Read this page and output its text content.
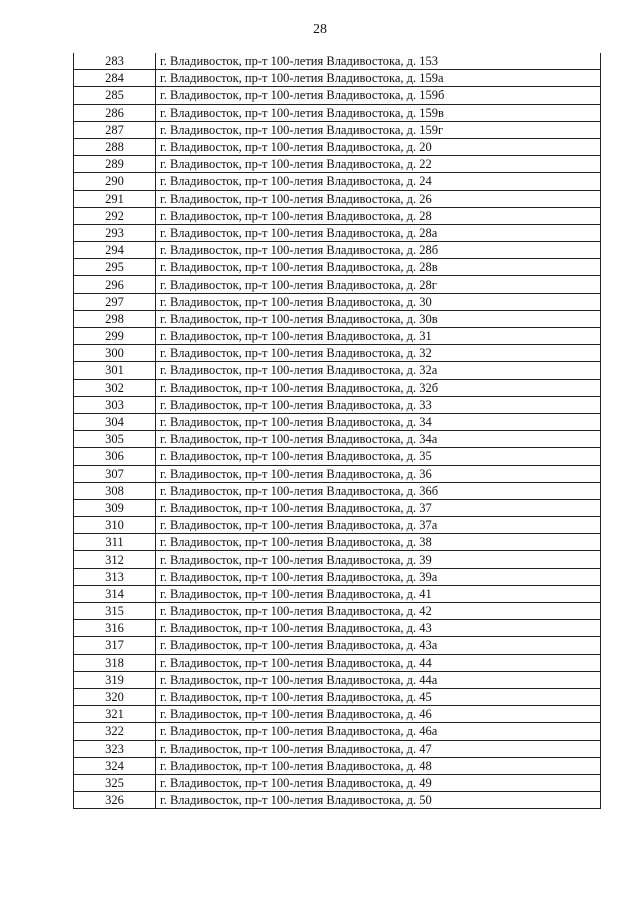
28
283	г. Владивосток, пр-т 100-летия Владивостока, д. 153
284	г. Владивосток, пр-т 100-летия Владивостока, д. 159а
285	г. Владивосток, пр-т 100-летия Владивостока, д. 159б
286	г. Владивосток, пр-т 100-летия Владивостока, д. 159в
287	г. Владивосток, пр-т 100-летия Владивостока, д. 159г
288	г. Владивосток, пр-т 100-летия Владивостока, д. 20
289	г. Владивосток, пр-т 100-летия Владивостока, д. 22
290	г. Владивосток, пр-т 100-летия Владивостока, д. 24
291	г. Владивосток, пр-т 100-летия Владивостока, д. 26
292	г. Владивосток, пр-т 100-летия Владивостока, д. 28
293	г. Владивосток, пр-т 100-летия Владивостока, д. 28а
294	г. Владивосток, пр-т 100-летия Владивостока, д. 28б
295	г. Владивосток, пр-т 100-летия Владивостока, д. 28в
296	г. Владивосток, пр-т 100-летия Владивостока, д. 28г
297	г. Владивосток, пр-т 100-летия Владивостока, д. 30
298	г. Владивосток, пр-т 100-летия Владивостока, д. 30в
299	г. Владивосток, пр-т 100-летия Владивостока, д. 31
300	г. Владивосток, пр-т 100-летия Владивостока, д. 32
301	г. Владивосток, пр-т 100-летия Владивостока, д. 32а
302	г. Владивосток, пр-т 100-летия Владивостока, д. 32б
303	г. Владивосток, пр-т 100-летия Владивостока, д. 33
304	г. Владивосток, пр-т 100-летия Владивостока, д. 34
305	г. Владивосток, пр-т 100-летия Владивостока, д. 34а
306	г. Владивосток, пр-т 100-летия Владивостока, д. 35
307	г. Владивосток, пр-т 100-летия Владивостока, д. 36
308	г. Владивосток, пр-т 100-летия Владивостока, д. 36б
309	г. Владивосток, пр-т 100-летия Владивостока, д. 37
310	г. Владивосток, пр-т 100-летия Владивостока, д. 37а
311	г. Владивосток, пр-т 100-летия Владивостока, д. 38
312	г. Владивосток, пр-т 100-летия Владивостока, д. 39
313	г. Владивосток, пр-т 100-летия Владивостока, д. 39а
314	г. Владивосток, пр-т 100-летия Владивостока, д. 41
315	г. Владивосток, пр-т 100-летия Владивостока, д. 42
316	г. Владивосток, пр-т 100-летия Владивостока, д. 43
317	г. Владивосток, пр-т 100-летия Владивостока, д. 43а
318	г. Владивосток, пр-т 100-летия Владивостока, д. 44
319	г. Владивосток, пр-т 100-летия Владивостока, д. 44а
320	г. Владивосток, пр-т 100-летия Владивостока, д. 45
321	г. Владивосток, пр-т 100-летия Владивостока, д. 46
322	г. Владивосток, пр-т 100-летия Владивостока, д. 46а
323	г. Владивосток, пр-т 100-летия Владивостока, д. 47
324	г. Владивосток, пр-т 100-летия Владивостока, д. 48
325	г. Владивосток, пр-т 100-летия Владивостока, д. 49
326	г. Владивосток, пр-т 100-летия Владивостока, д. 50
